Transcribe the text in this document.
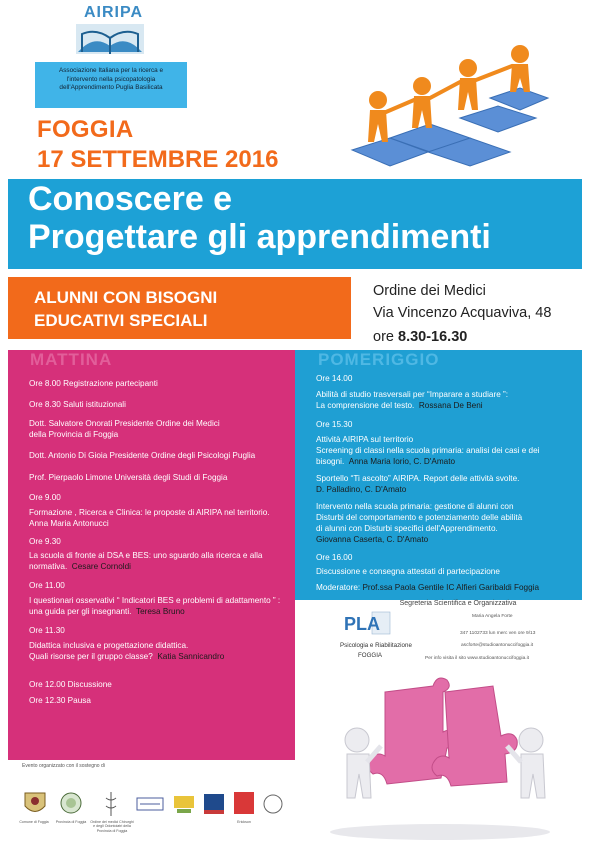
AIRIPA
Associazione Italiana per la ricerca e
l'intervento nella psicopatologia
dell'Apprendimento Puglia Basilicata
FOGGIA
17 SETTEMBRE 2016
Conoscere e
Progettare gli apprendimenti
ALUNNI CON BISOGNI
EDUCATIVI SPECIALI
Ordine dei Medici
Via Vincenzo Acquaviva, 48
ore 8.30-16.30
MATTINA
Ore 8.00 Registrazione partecipanti
Ore 8.30 Saluti istituzionali
Dott. Salvatore Onorati Presidente Ordine dei Medici
della Provincia di Foggia
Dott. Antonio Di Gioia Presidente Ordine degli Psicologi Puglia
Prof. Pierpaolo Limone Università degli Studi di Foggia
Ore 9.00
Formazione , Ricerca e Clinica: le proposte di AIRIPA nel territorio.
Anna Maria Antonucci
Ore 9.30
La scuola di fronte ai DSA e BES: uno sguardo alla ricerca e alla
normativa. Cesare Cornoldi
Ore 11.00
I questionari osservativi “ Indicatori BES e problemi di adattamento ” :
una guida per gli insegnanti. Teresa Bruno
Ore 11.30
Didattica inclusiva e progettazione didattica.
Quali risorse per il gruppo classe? Katia Sannicandro
Ore 12.00 Discussione
Ore 12.30 Pausa
POMERIGGIO
Ore 14.00
Abilità di studio trasversali per “Imparare a studiare ”:
La comprensione del testo. Rossana De Beni
Ore 15.30
Attività AIRIPA sul territorio
Screening di classi nella scuola primaria: analisi dei casi e dei
bisogni. Anna Maria Iorio, C. D'Amato
Sportello “Ti ascolto” AIRIPA. Report delle attività svolte.
D. Palladino, C. D'Amato
Intervento nella scuola primaria: gestione di alunni con
Disturbi del comportamento e potenziamento delle abilità
di alunni con Disturbi specifici dell'Apprendimento.
Giovanna Caserta, C. D'Amato
Ore 16.00
Discussione e consegna attestati di partecipazione
Moderatore: Prof.ssa Paola Gentile IC Alfieri Garibaldi Foggia
Segreteria Scientifica e Organizzativa
PLA
Psicologia e Riabilitazione
FOGGIA
Maria Angela Forte
347 1102733 lun merc ven ore 9/13
ascforte@studioantonuccifoggia.it
Per info visita il sito www.studioantonuccifoggia.it
Evento organizzato con il sostegno di
Comune di Foggia	Provincia di Foggia Ordine dei medici Chirurghi e degli Odontoiatri della Provincia di Foggia
Erickson
